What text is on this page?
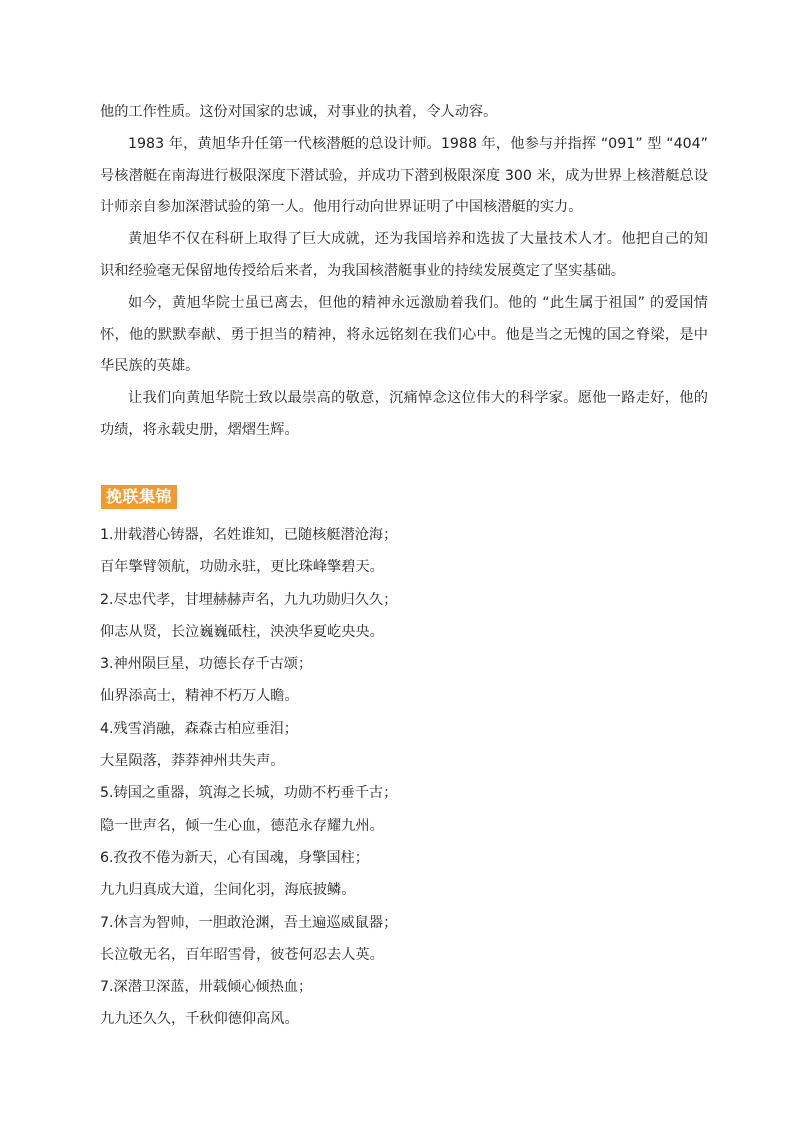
他的工作性质。这份对国家的忠诚，对事业的执着，令人动容。

1983 年，黄旭华升任第一代核潜艇的总设计师。1988 年，他参与并指挥 “091” 型 “404” 号核潜艇在南海进行极限深度下潜试验，并成功下潜到极限深度 300 米，成为世界上核潜艇总设计师亲自参加深潜试验的第一人。他用行动向世界证明了中国核潜艇的实力。

黄旭华不仅在科研上取得了巨大成就，还为我国培养和选拔了大量技术人才。他把自己的知识和经验毫无保留地传授给后来者，为我国核潜艇事业的持续发展奠定了坚实基础。

如今，黄旭华院士虽已离去，但他的精神永远激励着我们。他的 “此生属于祖国” 的爱国情怀，他的默默奉献、勇于担当的精神，将永远铭刻在我们心中。他是当之无愧的国之脊梁，是中华民族的英雄。

让我们向黄旭华院士致以最崇高的敬意，沉痛悼念这位伟大的科学家。愿他一路走好，他的功绩，将永载史册，熠熠生辉。

挽联集锦

1.卅载潜心铸器，名姓谁知，已随核艇潜沧海；

百年擎臂领航，功勋永驻，更比珠峰擎碧天。

2.尽忠代孝，甘埋赫赫声名，九九功勋归久久；

仰志从贤，长泣巍巍砥柱，泱泱华夏屹央央。

3.神州陨巨星，功德长存千古颂；

仙界添高士，精神不朽万人瞻。

4.残雪消融，森森古柏应垂泪；

大星陨落，莽莽神州共失声。

5.铸国之重器，筑海之长城，功勋不朽垂千古；

隐一世声名，倾一生心血，德范永存耀九州。

6.孜孜不倦为新天，心有国魂，身擎国柱；

九九归真成大道，尘间化羽，海底披鳞。

7.休言为智帅，一胆敢沧渊，吾土遍巡威鼠器；

长泣敬无名，百年昭雪骨，彼苍何忍去人英。

7.深潜卫深蓝，卅载倾心倾热血；

九九还久久，千秋仰德仰高风。
